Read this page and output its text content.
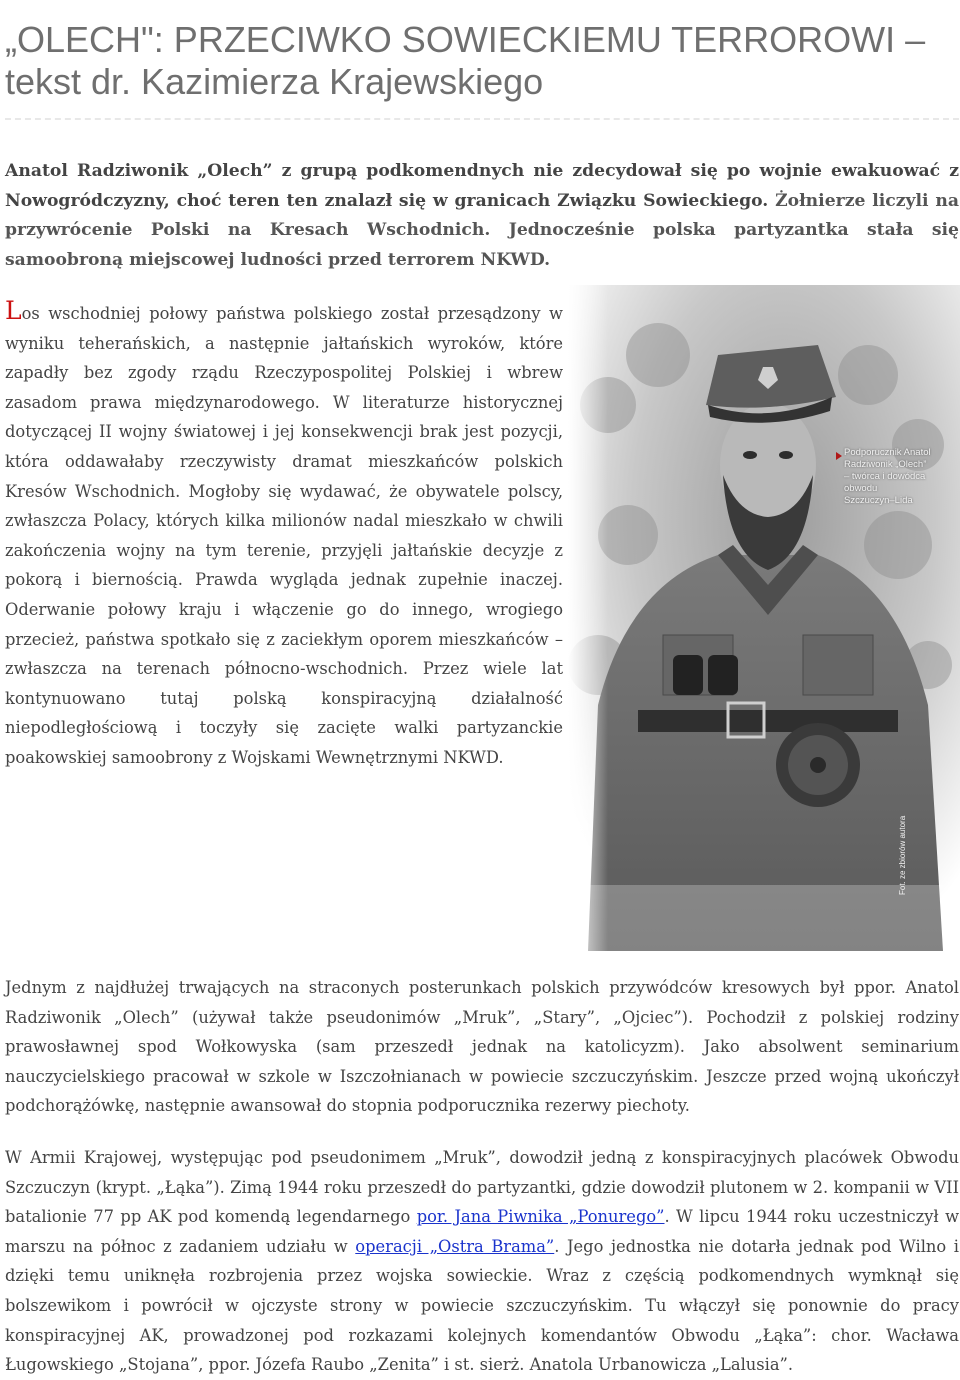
„OLECH": PRZECIWKO SOWIECKIEMU TERROROWI – tekst dr. Kazimierza Krajewskiego

Anatol Radziwonik „Olech” z grupą podkomendnych nie zdecydował się po wojnie ewakuować z Nowogródczyzny, choć teren ten znalazł się w granicach Związku Sowieckiego. Żołnierze liczyli na przywrócenie Polski na Kresach Wschodnich. Jednocześnie polska partyzantka stała się samoobroną miejscowej ludności przed terrorem NKWD.

Los wschodniej połowy państwa polskiego został przesądzony w wyniku teherańskich, a następnie jałtańskich wyroków, które zapadły bez zgody rządu Rzeczypospolitej Polskiej i wbrew zasadom prawa międzynarodowego. W literaturze historycznej dotyczącej II wojny światowej i jej konsekwencji brak jest pozycji, która oddawałaby rzeczywisty dramat mieszkańców polskich Kresów Wschodnich. Mogłoby się wydawać, że obywatele polscy, zwłaszcza Polacy, których kilka milionów nadal mieszkało w chwili zakończenia wojny na tym terenie, przyjęli jałtańskie decyzje z pokorą i biernością. Prawda wygląda jednak zupełnie inaczej. Oderwanie połowy kraju i włączenie go do innego, wrogiego przecież, państwa spotkało się z zaciekłym oporem mieszkańców – zwłaszcza na terenach północno-wschodnich. Przez wiele lat kontynuowano tutaj polską konspiracyjną działalność niepodległościową i toczyły się zacięte walki partyzanckie poakowskiej samoobrony z Wojskami Wewnętrznymi NKWD.

Podporucznik Anatol
Radziwonik „Olech”
– twórca i dowódca
obwodu
Szczuczyn–Lida
Fot. ze zbiorów autora

Jednym z najdłużej trwających na straconych posterunkach polskich przywódców kresowych był ppor. Anatol Radziwonik „Olech” (używał także pseudonimów „Mruk”, „Stary”, „Ojciec”). Pochodził z polskiej rodziny prawosławnej spod Wołkowyska (sam przeszedł jednak na katolicyzm). Jako absolwent seminarium nauczycielskiego pracował w szkole w Iszczołnianach w powiecie szczuczyńskim. Jeszcze przed wojną ukończył podchorążówkę, następnie awansował do stopnia podporucznika rezerwy piechoty.

W Armii Krajowej, występując pod pseudonimem „Mruk”, dowodził jedną z konspiracyjnych placówek Obwodu Szczuczyn (krypt. „Łąka”). Zimą 1944 roku przeszedł do partyzantki, gdzie dowodził plutonem w 2. kompanii w VII batalionie 77 pp AK pod komendą legendarnego por. Jana Piwnika „Ponurego”. W lipcu 1944 roku uczestniczył w marszu na północ z zadaniem udziału w operacji „Ostra Brama”. Jego jednostka nie dotarła jednak pod Wilno i dzięki temu uniknęła rozbrojenia przez wojska sowieckie. Wraz z częścią podkomendnych wymknął się bolszewikom i powrócił w ojczyste strony w powiecie szczuczyńskim. Tu włączył się ponownie do pracy konspiracyjnej AK, prowadzonej pod rozkazami kolejnych komendantów Obwodu „Łąka”: chor. Wacława Ługowskiego „Stojana”, ppor. Józefa Raubo „Zenita” i st. sierż. Anatola Urbanowicza „Lalusia”.
